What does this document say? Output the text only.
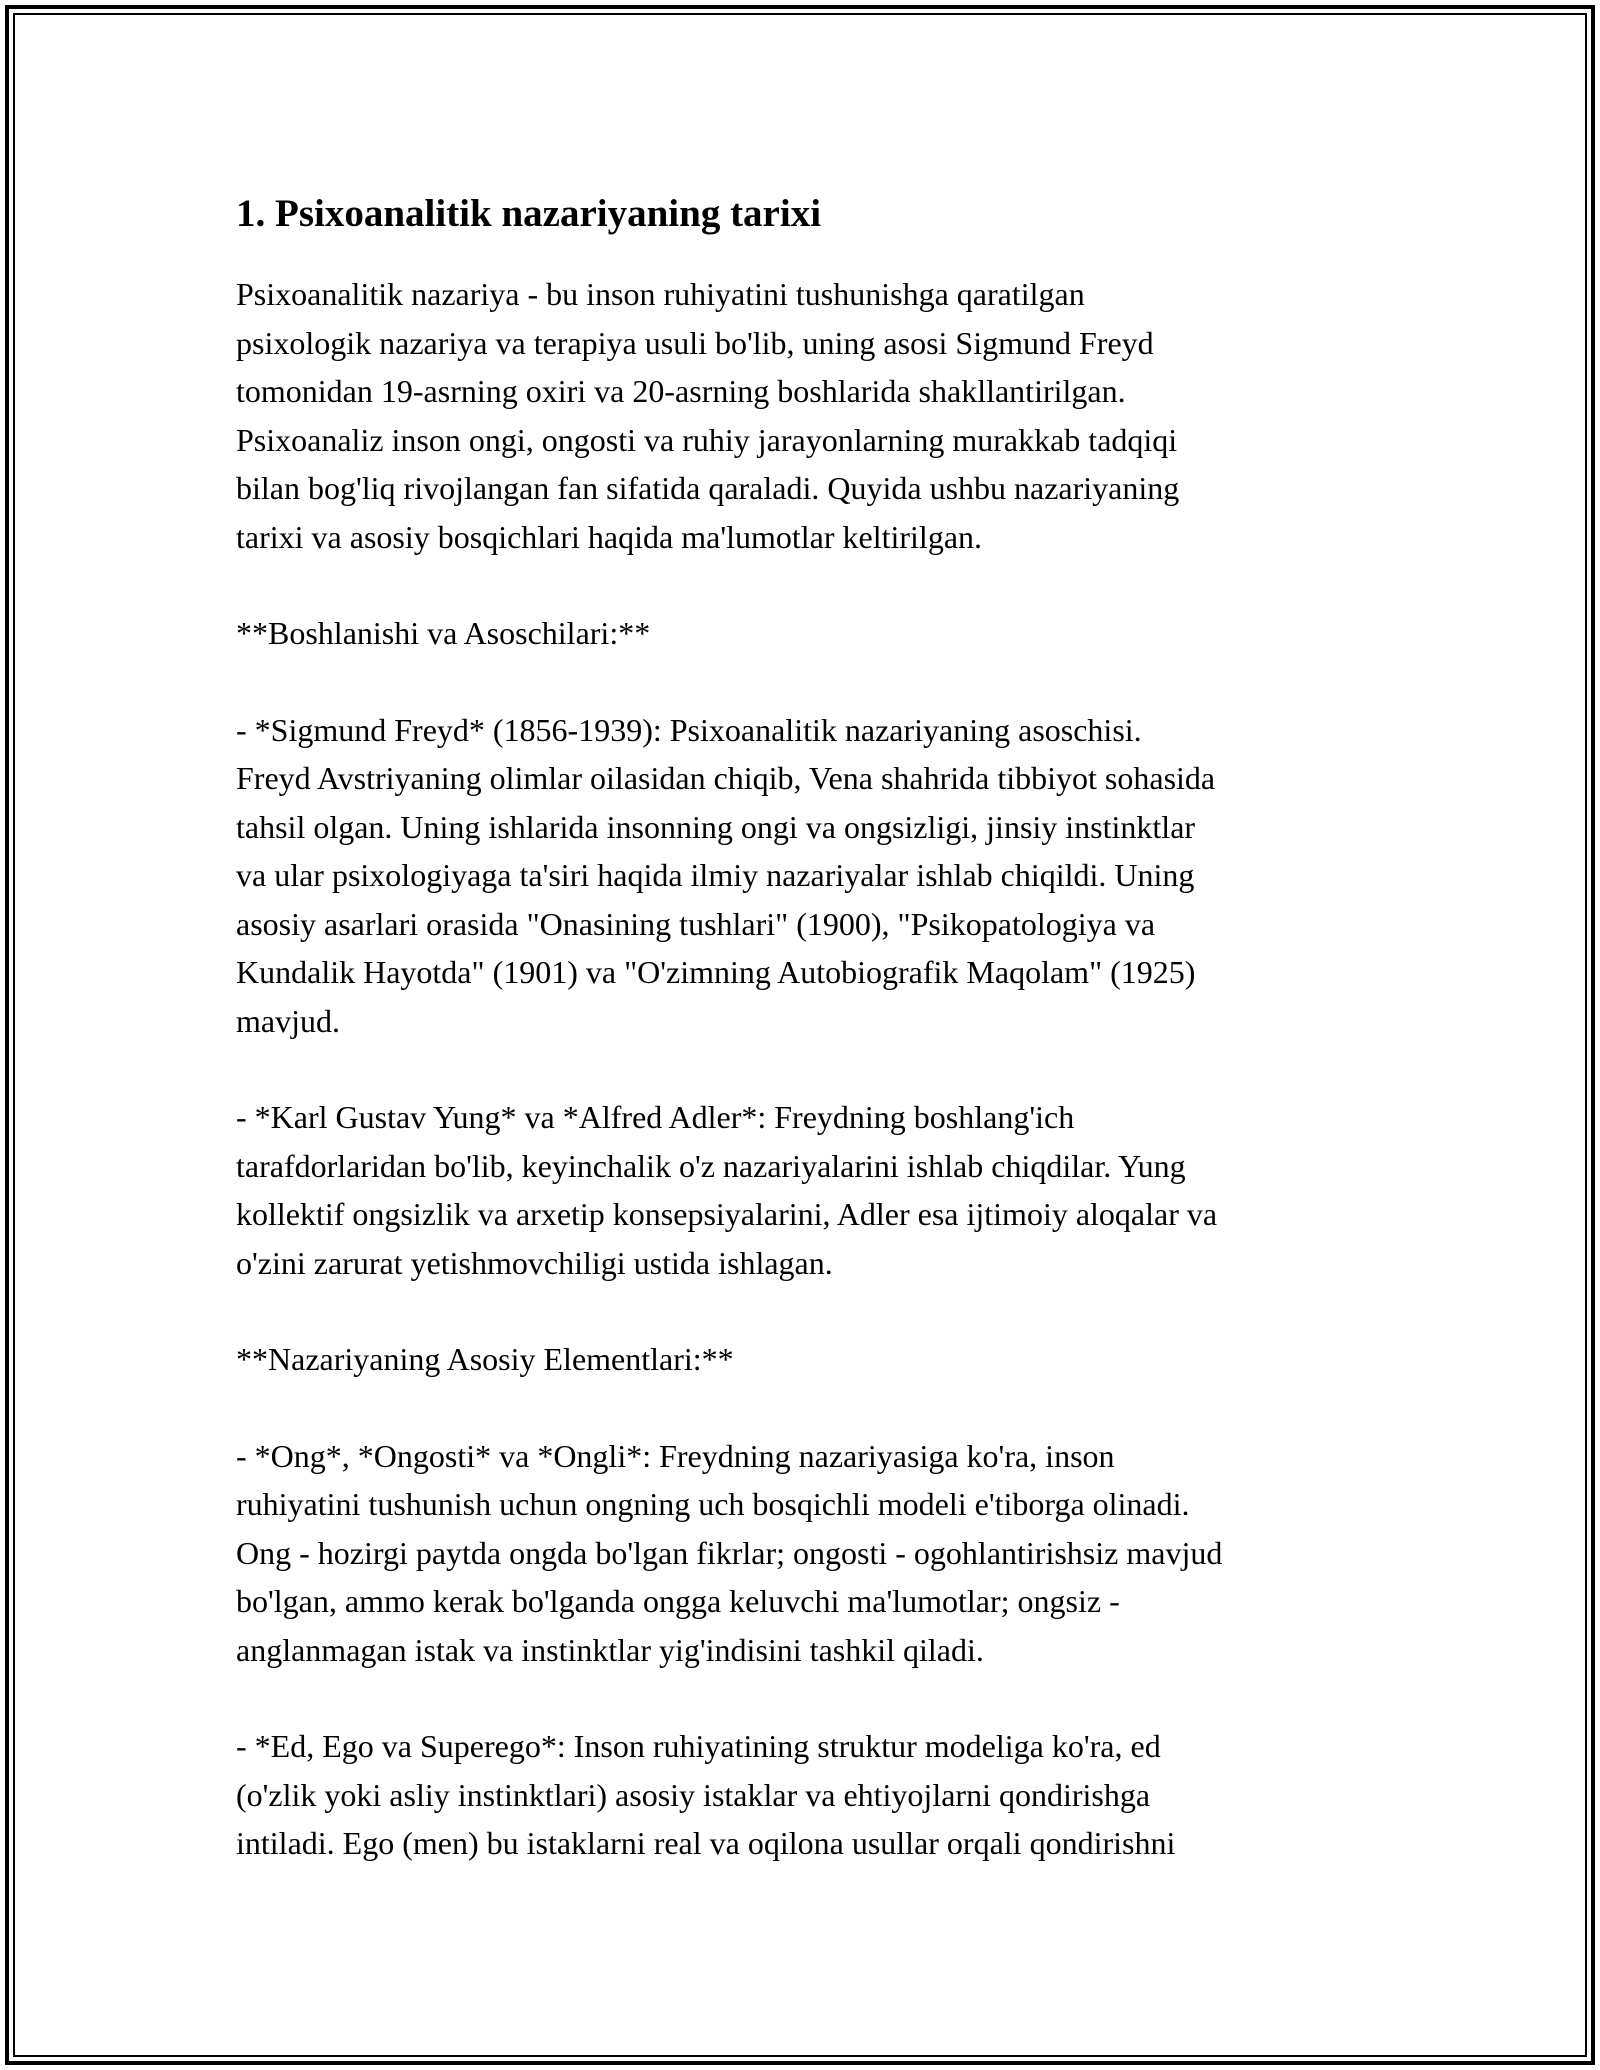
1. Psixoanalitik nazariyaning tarixi

Psixoanalitik nazariya - bu inson ruhiyatini tushunishga qaratilgan
psixologik nazariya va terapiya usuli bo'lib, uning asosi Sigmund Freyd
tomonidan 19-asrning oxiri va 20-asrning boshlarida shakllantirilgan.
Psixoanaliz inson ongi, ongosti va ruhiy jarayonlarning murakkab tadqiqi
bilan bog'liq rivojlangan fan sifatida qaraladi. Quyida ushbu nazariyaning
tarixi va asosiy bosqichlari haqida ma'lumotlar keltirilgan.

**Boshlanishi va Asoschilari:**

- *Sigmund Freyd* (1856-1939): Psixoanalitik nazariyaning asoschisi.
Freyd Avstriyaning olimlar oilasidan chiqib, Vena shahrida tibbiyot sohasida
tahsil olgan. Uning ishlarida insonning ongi va ongsizligi, jinsiy instinktlar
va ular psixologiyaga ta'siri haqida ilmiy nazariyalar ishlab chiqildi. Uning
asosiy asarlari orasida "Onasining tushlari" (1900), "Psikopatologiya va
Kundalik Hayotda" (1901) va "O'zimning Autobiografik Maqolam" (1925)
mavjud.

- *Karl Gustav Yung* va *Alfred Adler*: Freydning boshlang'ich
tarafdorlaridan bo'lib, keyinchalik o'z nazariyalarini ishlab chiqdilar. Yung
kollektif ongsizlik va arxetip konsepsiyalarini, Adler esa ijtimoiy aloqalar va
o'zini zarurat yetishmovchiligi ustida ishlagan.

**Nazariyaning Asosiy Elementlari:**

- *Ong*, *Ongosti* va *Ongli*: Freydning nazariyasiga ko'ra, inson
ruhiyatini tushunish uchun ongning uch bosqichli modeli e'tiborga olinadi.
Ong - hozirgi paytda ongda bo'lgan fikrlar; ongosti - ogohlantirishsiz mavjud
bo'lgan, ammo kerak bo'lganda ongga keluvchi ma'lumotlar; ongsiz -
anglanmagan istak va instinktlar yig'indisini tashkil qiladi.

- *Ed, Ego va Superego*: Inson ruhiyatining struktur modeliga ko'ra, ed
(o'zlik yoki asliy instinktlari) asosiy istaklar va ehtiyojlarni qondirishga
intiladi. Ego (men) bu istaklarni real va oqilona usullar orqali qondirishni
